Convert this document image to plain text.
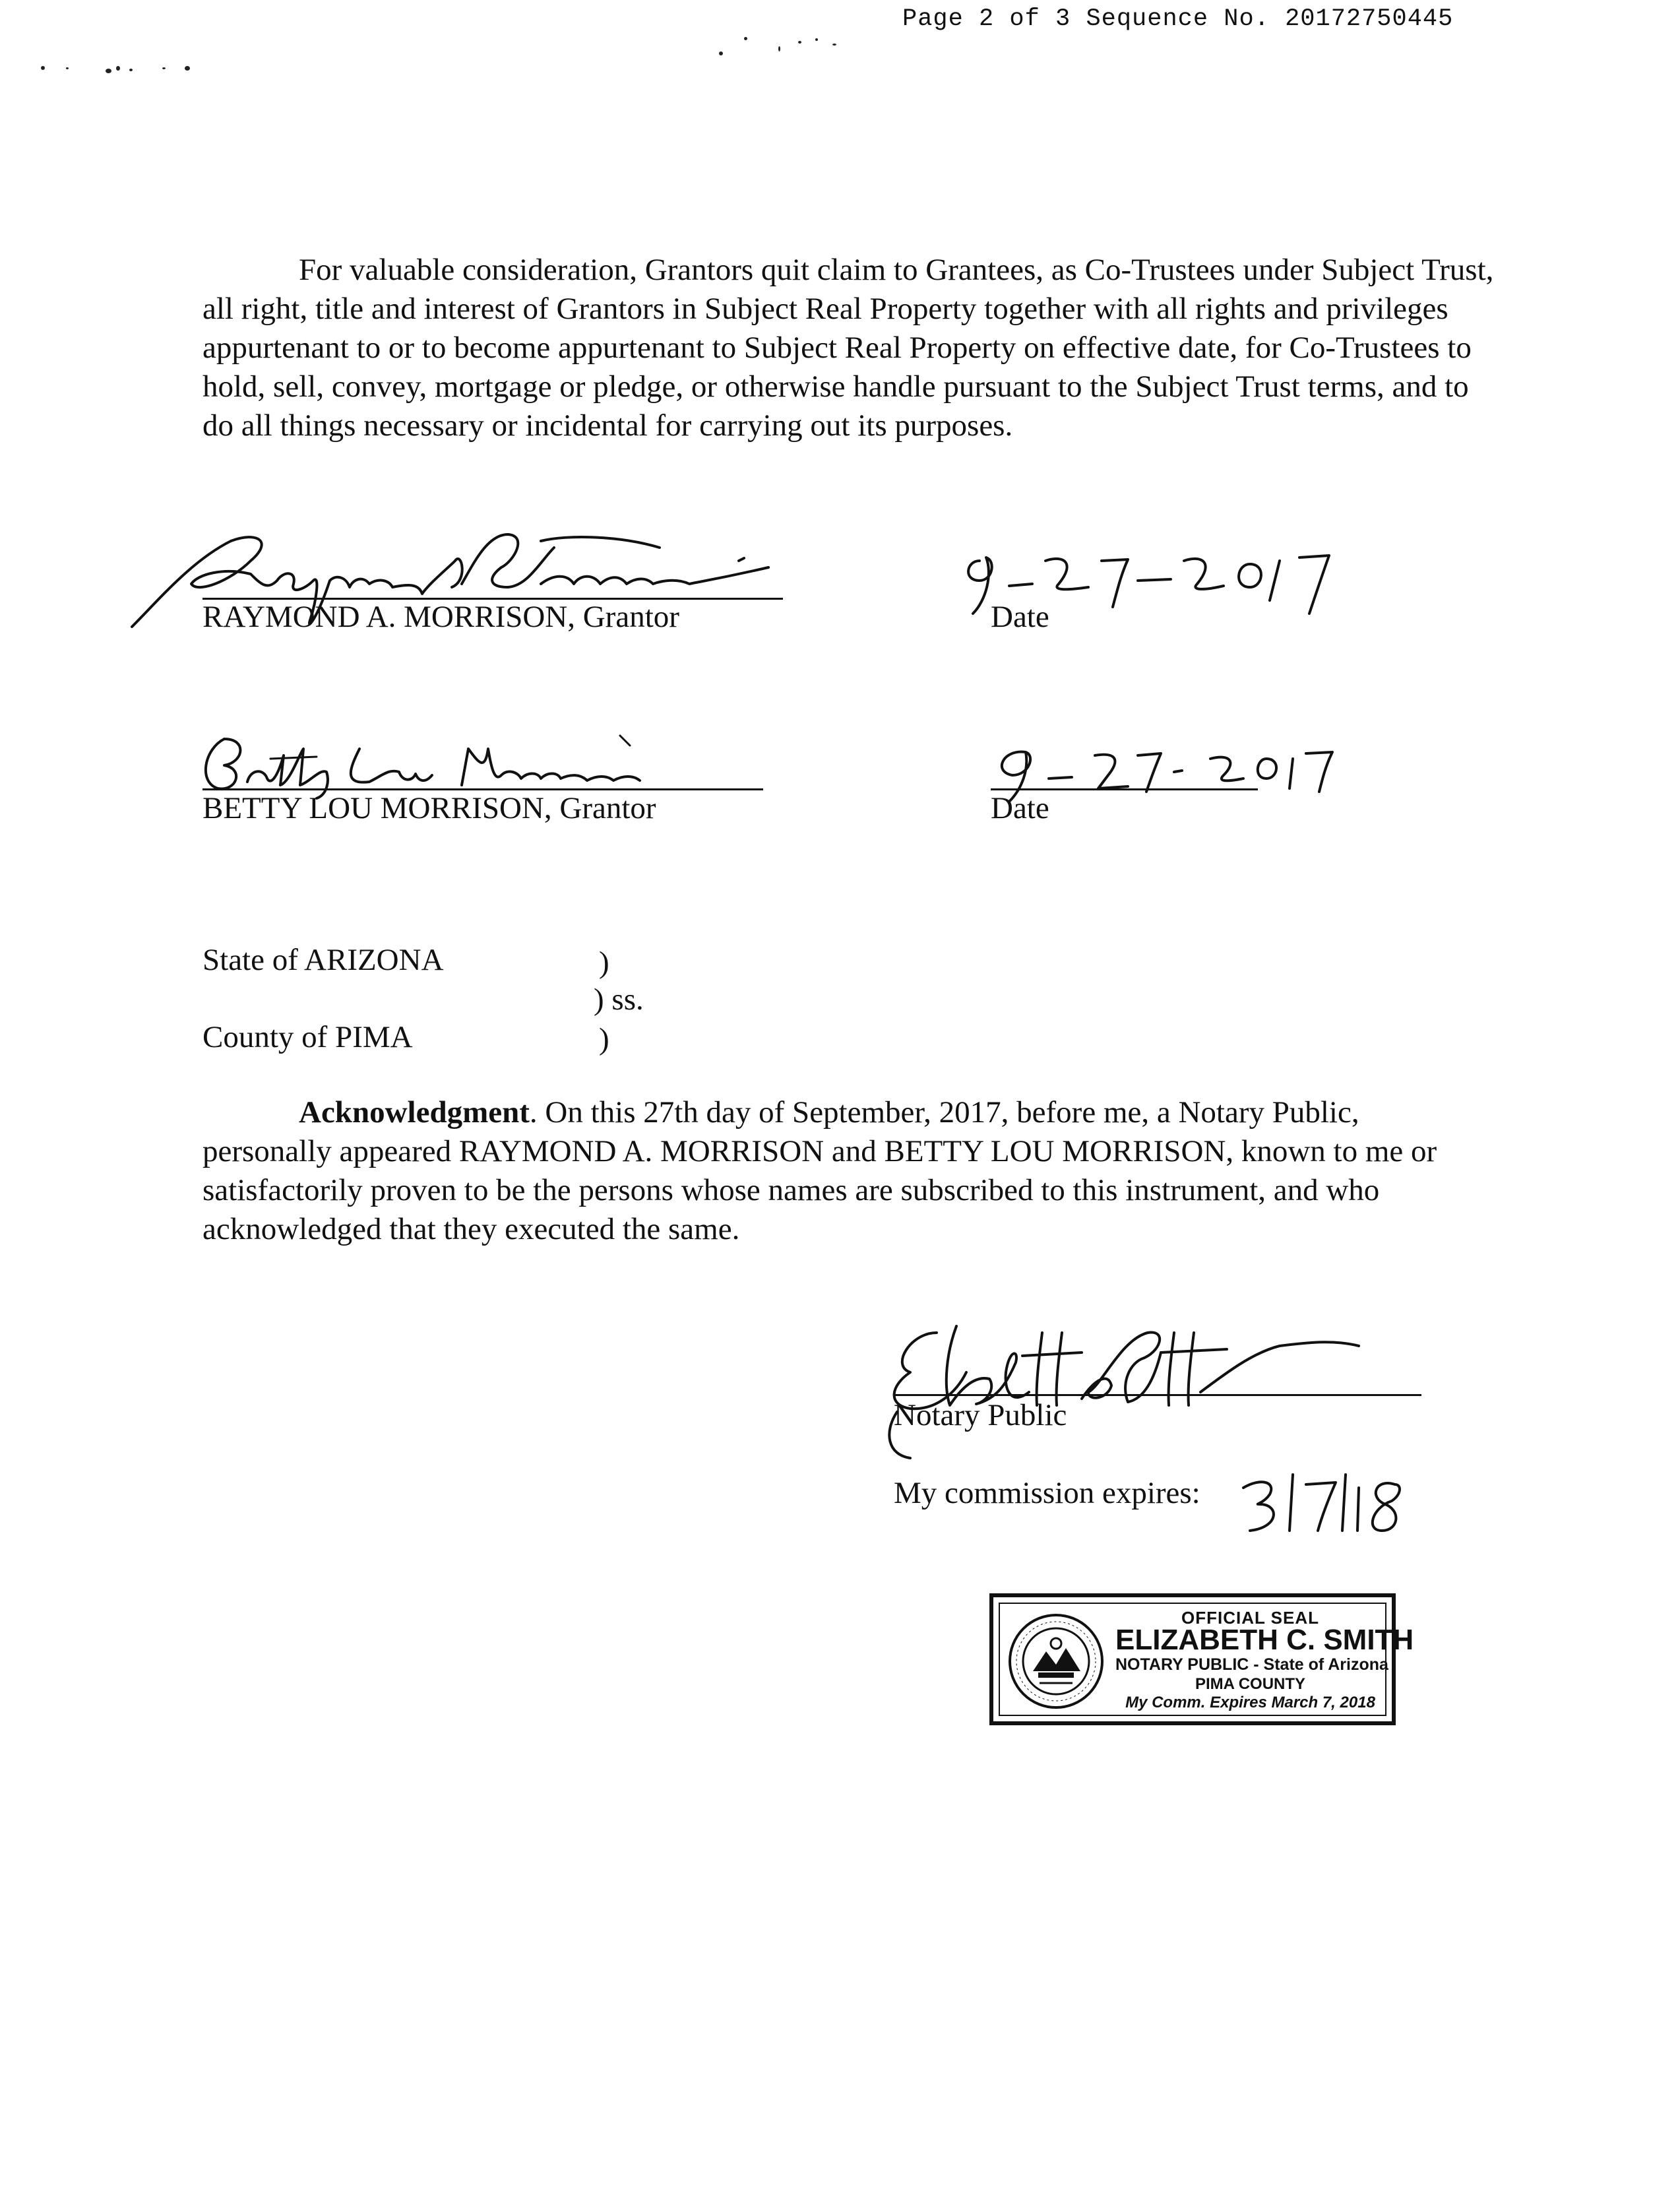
Page 2 of 3 Sequence No. 20172750445
For valuable consideration, Grantors quit claim to Grantees, as Co-Trustees under Subject Trust, all right, title and interest of Grantors in Subject Real Property together with all rights and privileges appurtenant to or to become appurtenant to Subject Real Property on effective date, for Co-Trustees to hold, sell, convey, mortgage or pledge, or otherwise handle pursuant to the Subject Trust terms, and to do all things necessary or incidental for carrying out its purposes.
RAYMOND A. MORRISON, Grantor	Date
BETTY LOU MORRISON, Grantor	Date
State of ARIZONA	)
) ss.
County of PIMA	)
Acknowledgment. On this 27th day of September, 2017, before me, a Notary Public, personally appeared RAYMOND A. MORRISON and BETTY LOU MORRISON, known to me or satisfactorily proven to be the persons whose names are subscribed to this instrument, and who acknowledged that they executed the same.
Notary Public
My commission expires:
OFFICIAL SEAL
ELIZABETH C. SMITH
NOTARY PUBLIC - State of Arizona
PIMA COUNTY
My Comm. Expires March 7, 2018
